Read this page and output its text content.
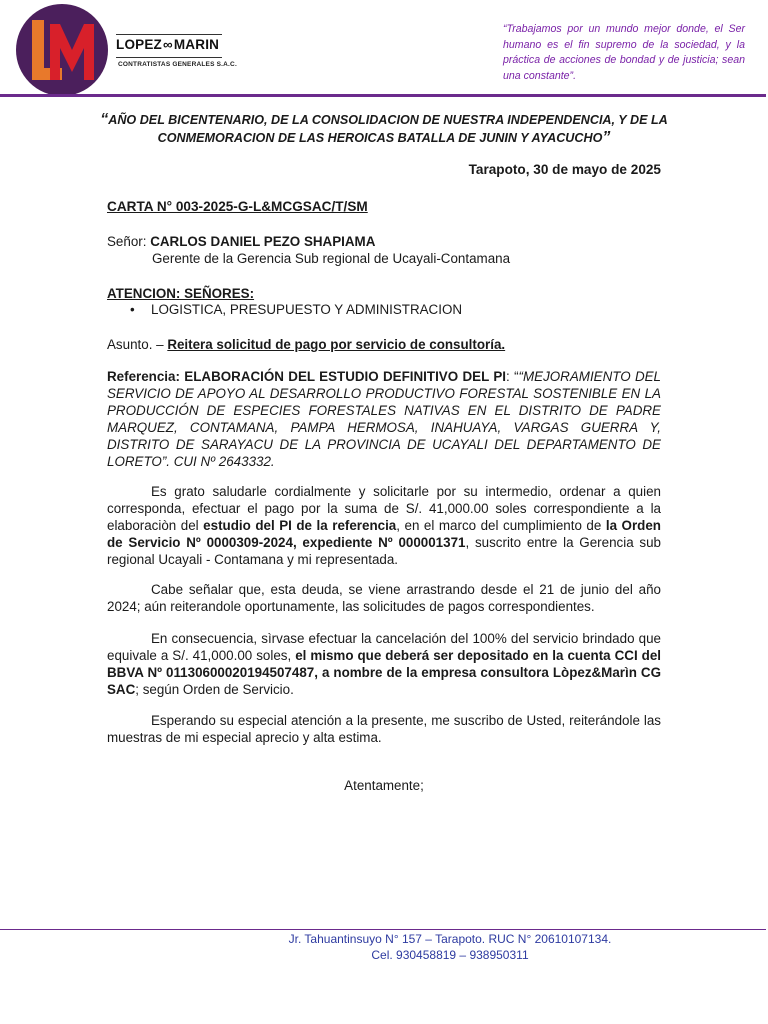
LOPEZ∞MARIN
CONTRATISTAS GENERALES S.A.C.
“Trabajamos por un mundo mejor donde, el Ser humano es el fin supremo de la sociedad, y la práctica de acciones de bondad y de justicia; sean una constante”.
“AÑO DEL BICENTENARIO, DE LA CONSOLIDACION DE NUESTRA INDEPENDENCIA, Y DE LA CONMEMORACION DE LAS HEROICAS BATALLA DE JUNIN Y AYACUCHO”
Tarapoto, 30 de mayo de 2025
CARTA N° 003-2025-G-L&MCGSAC/T/SM
Señor: CARLOS DANIEL PEZO SHAPIAMA
Gerente de la Gerencia Sub regional de Ucayali-Contamana
ATENCION: SEÑORES:
• LOGISTICA, PRESUPUESTO Y ADMINISTRACION
Asunto. – Reitera solicitud de pago por servicio de consultoría.
Referencia: ELABORACIÓN DEL ESTUDIO DEFINITIVO DEL PI: ““MEJORAMIENTO DEL SERVICIO DE APOYO AL DESARROLLO PRODUCTIVO FORESTAL SOSTENIBLE EN LA PRODUCCIÓN DE ESPECIES FORESTALES NATIVAS EN EL DISTRITO DE PADRE MARQUEZ, CONTAMANA, PAMPA HERMOSA, INAHUAYA, VARGAS GUERRA Y, DISTRITO DE SARAYACU DE LA PROVINCIA DE UCAYALI DEL DEPARTAMENTO DE LORETO”. CUI Nº 2643332.
Es grato saludarle cordialmente y solicitarle por su intermedio, ordenar a quien corresponda, efectuar el pago por la suma de S/. 41,000.00 soles correspondiente a la elaboraciòn del estudio del PI de la referencia, en el marco del cumplimiento de la Orden de Servicio Nº 0000309-2024, expediente Nº 000001371, suscrito entre la Gerencia sub regional Ucayali - Contamana y mi representada.
Cabe señalar que, esta deuda, se viene arrastrando desde el 21 de junio del año 2024; aún reiterandole oportunamente, las solicitudes de pagos correspondientes.
En consecuencia, sìrvase efectuar la cancelación del 100% del servicio brindado que equivale a S/. 41,000.00 soles, el mismo que deberá ser depositado en la cuenta CCI del BBVA Nº 01130600020194507487, a nombre de la empresa consultora Lòpez&Marìn CG SAC; según Orden de Servicio.
Esperando su especial atención a la presente, me suscribo de Usted, reiterándole las muestras de mi especial aprecio y alta estima.
Atentamente;
Jr. Tahuantinsuyo N° 157 – Tarapoto. RUC N° 20610107134.
Cel. 930458819 – 938950311
